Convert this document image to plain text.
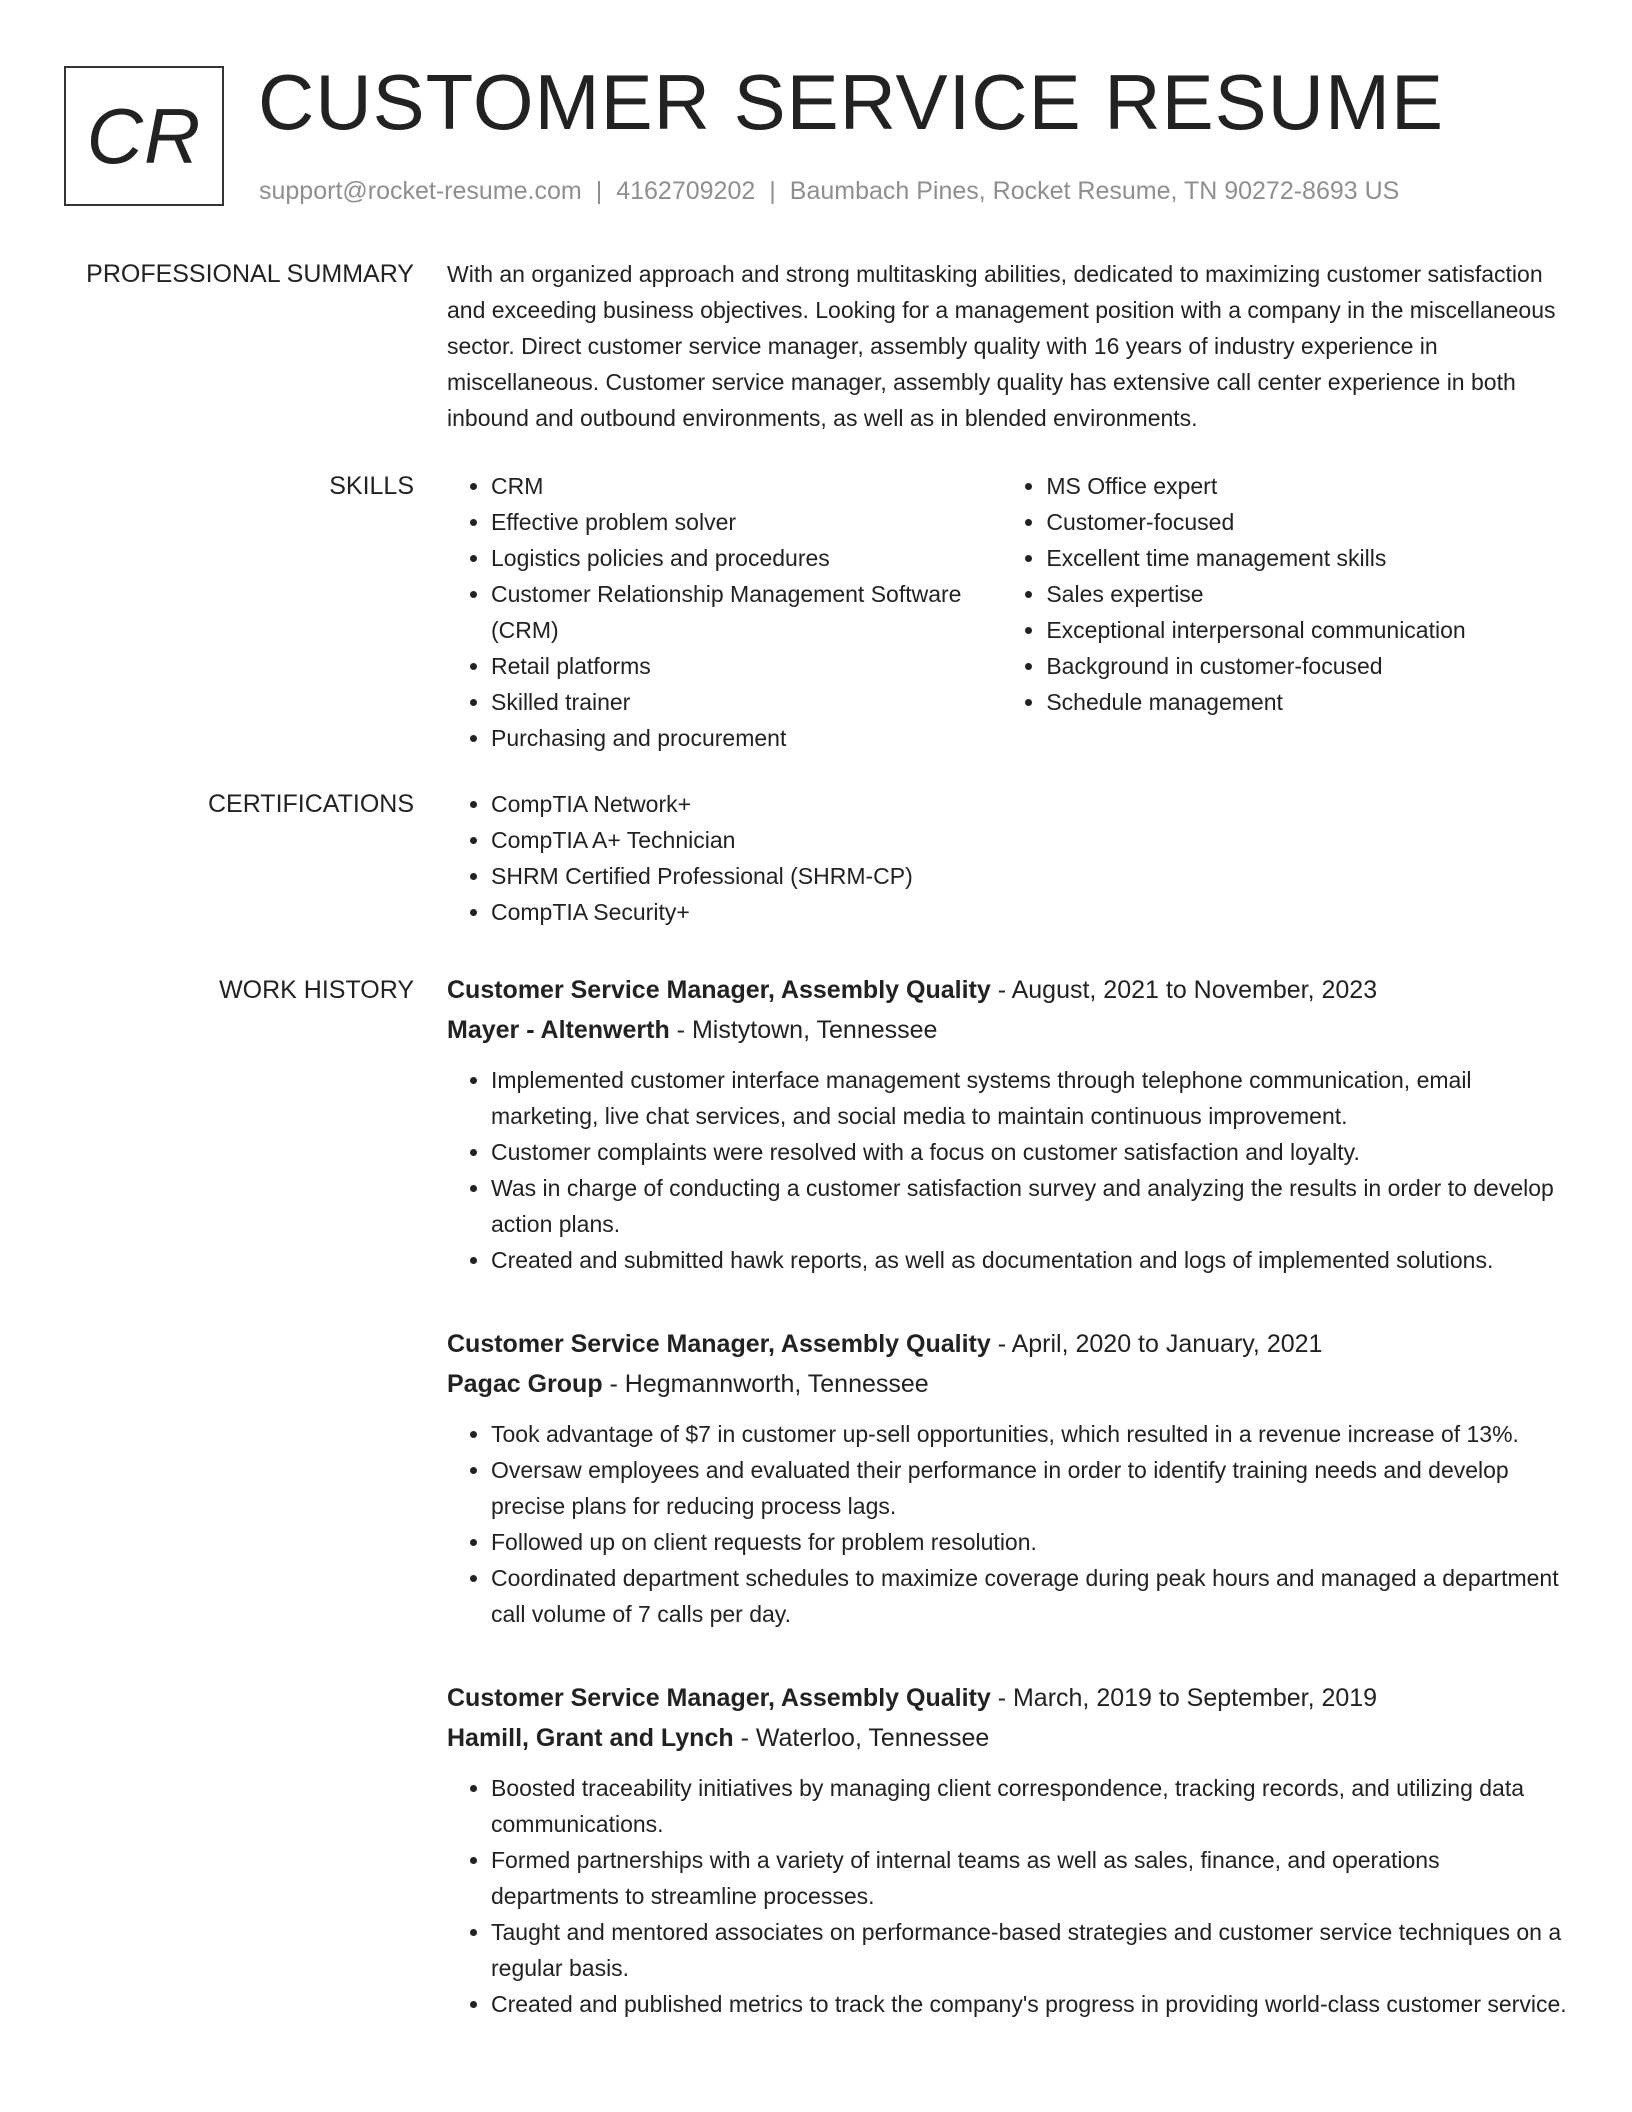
CR CUSTOMER SERVICE RESUME
support@rocket-resume.com | 4162709202 | Baumbach Pines, Rocket Resume, TN 90272-8693 US
PROFESSIONAL SUMMARY With an organized approach and strong multitasking abilities, dedicated to maximizing customer satisfaction and exceeding business objectives. Looking for a management position with a company in the miscellaneous sector. Direct customer service manager, assembly quality with 16 years of industry experience in miscellaneous. Customer service manager, assembly quality has extensive call center experience in both inbound and outbound environments, as well as in blended environments.

SKILLS	• CRM
• Effective problem solver
• Logistics policies and procedures
• Customer Relationship Management Software (CRM)
• Retail platforms
• Skilled trainer
• Purchasing and procurement
• MS Office expert
• Customer-focused
• Excellent time management skills
• Sales expertise
• Exceptional interpersonal communication
• Background in customer-focused
• Schedule management
CERTIFICATIONS	• CompTIA Network+
• CompTIA A+ Technician
• SHRM Certified Professional (SHRM-CP)
• CompTIA Security+
WORK HISTORY Customer Service Manager, Assembly Quality - August, 2021 to November, 2023
Mayer - Altenwerth - Mistytown, Tennessee
• Implemented customer interface management systems through telephone communication, email marketing, live chat services, and social media to maintain continuous improvement.
• Customer complaints were resolved with a focus on customer satisfaction and loyalty.
• Was in charge of conducting a customer satisfaction survey and analyzing the results in order to develop action plans.
• Created and submitted hawk reports, as well as documentation and logs of implemented solutions.
Customer Service Manager, Assembly Quality - April, 2020 to January, 2021
Pagac Group - Hegmannworth, Tennessee
• Took advantage of $7 in customer up-sell opportunities, which resulted in a revenue increase of 13%.
• Oversaw employees and evaluated their performance in order to identify training needs and develop precise plans for reducing process lags.
• Followed up on client requests for problem resolution.
• Coordinated department schedules to maximize coverage during peak hours and managed a department call volume of 7 calls per day.
Customer Service Manager, Assembly Quality - March, 2019 to September, 2019
Hamill, Grant and Lynch - Waterloo, Tennessee
• Boosted traceability initiatives by managing client correspondence, tracking records, and utilizing data communications.
• Formed partnerships with a variety of internal teams as well as sales, finance, and operations departments to streamline processes.
• Taught and mentored associates on performance-based strategies and customer service techniques on a regular basis.
• Created and published metrics to track the company's progress in providing world-class customer service.
